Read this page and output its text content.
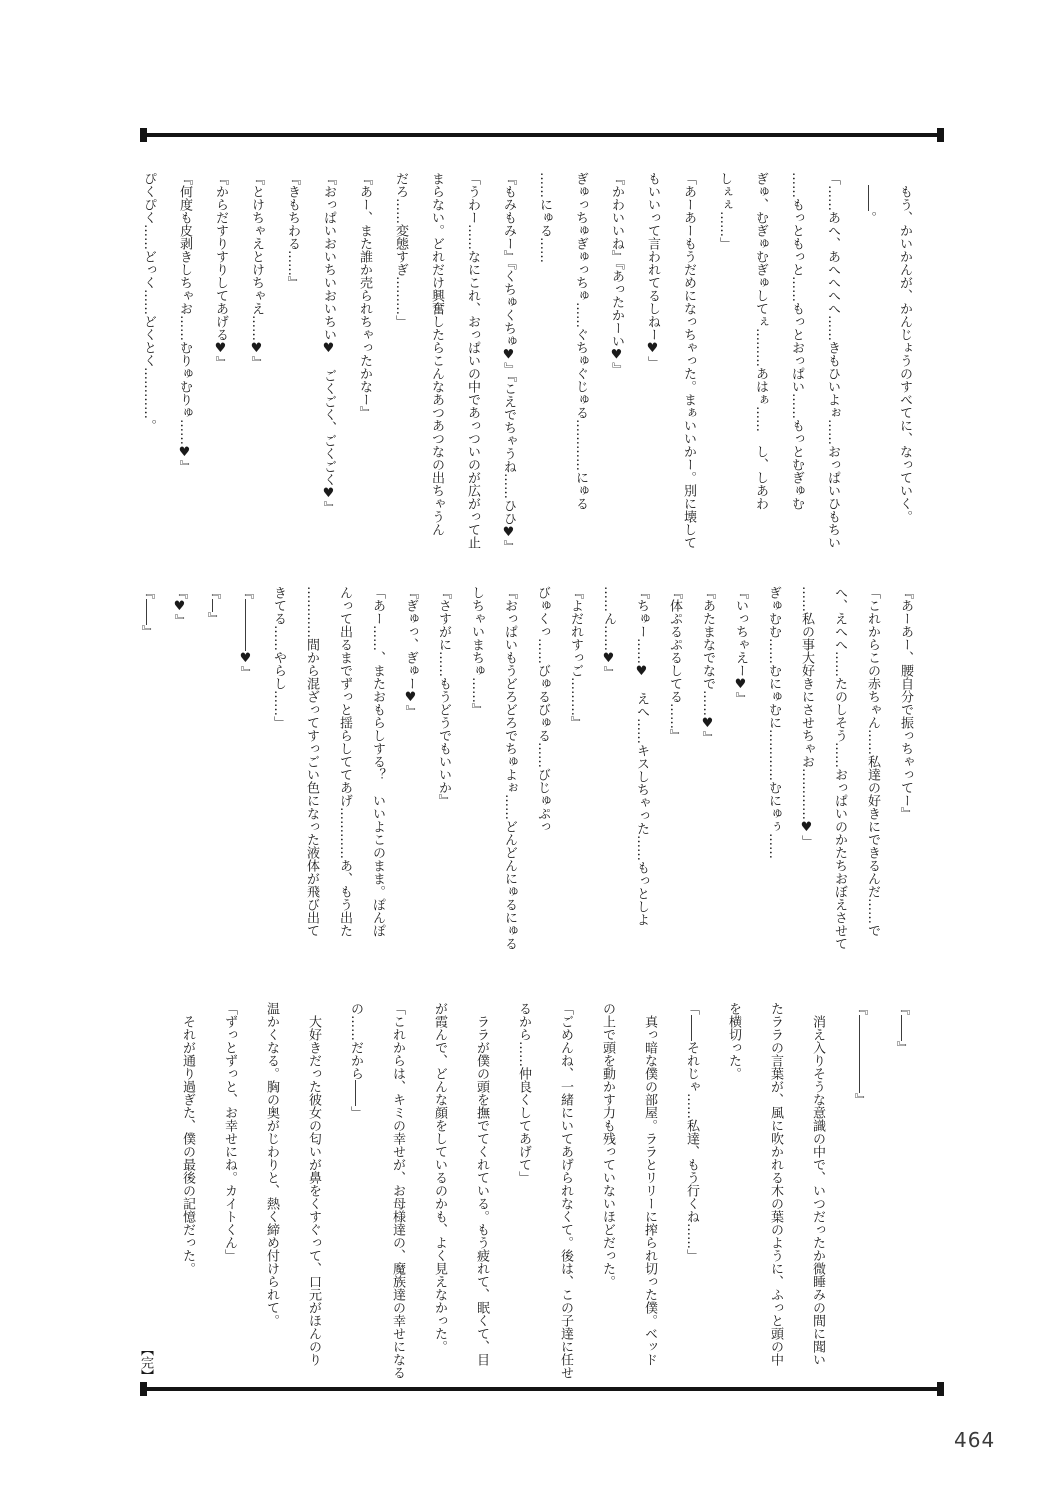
　もう、かいかんが、かんじょうのすべてに、なっていく。

　――。

「……あへ、あへへへへ……きもひいよぉ……おっぱいひもちい

……もっともっと……もっとおっぱい……もっとむぎゅむ

ぎゅ、むぎゅむぎゅしてぇ………あはぁ……　し、しあわ

しぇぇ……」

「あーあーもうだめになっちゃった。まぁいいかー。別に壊して

もいいって言われてるしねー♥」

『かわいいね』『あったかーい♥』

ぎゅっちゅぎゅっちゅ……ぐちゅぐじゅる…………にゅる

……にゅる……

『もみもみー』『くちゅくちゅ♥』『こえでちゃうね……ひひ♥』

「うわー……なにこれ、おっぱいの中であっついのが広がって止

まらない。どれだけ興奮したらこんなあつあつなの出ちゃうん

だろ……変態すぎ………」

『あー、また誰か売られちゃったかなー』

『おっぱいおいちいおいちい♥　ごくごく、ごくごく♥』

『きもちわる……』

『とけちゃえとけちゃえ……♥』

『からだすりすりしてあげる♥』

『何度も皮剥きしちゃお……むりゅむりゅ……♥』

ぴくぴく……どっく……どくとく…………。

『あーあー、腰自分で振っちゃってー』

「これからこの赤ちゃん……私達の好きにできるんだ……で

へ、えへへ……たのしそう……おっぱいのかたちおぼえさせて

……私の事大好きにさせちゃお…………♥」

ぎゅむむ……むにゅむに…………むにゅぅ……

『いっちゃえー♥』

『あたまなでなで……♥』

『体ぷるぷるしてる……』

『ちゅー……♥　えへ……キスしちゃった……もっとしよ

……ん……♥』

『よだれすっご………』

びゅくっ……びゅるびゅる……びじゅぷっ

『おっぱいもうどろどろでちゅよぉ……どんどんにゅるにゅる

しちゃいまちゅ……』

『さすがに……もうどうでもいいか』

『ぎゅっ、ぎゅー♥』

「あー……、またおもらしする？　いいよこのまま。ぽんぽ

んって出るまでずっと揺らしててあげ…………あ、もう出た

…………間から混ざってすっごい色になった液体が飛び出て

きてる……やらし……」

『――――♥』

『―』

『♥』

『――』

『――』

『――――――』

　消え入りそうな意識の中で、いつだったか微睡みの間に聞い

たララの言葉が、風に吹かれる木の葉のように、ふっと頭の中

を横切った。

「――それじゃ……私達、もう行くね……」

　真っ暗な僕の部屋。ララとリリーに搾られ切った僕。ベッド

の上で頭を動かす力も残っていないほどだった。

「ごめんね、一緒にいてあげられなくて。後は、この子達に任せ

るから……仲良くしてあげて」

　ララが僕の頭を撫でてくれている。もう疲れて、眠くて、目

が霞んで、どんな顔をしているのかも、よく見えなかった。

「これからは、キミの幸せが、お母様達の、魔族達の幸せになる

の……だから――」

　大好きだった彼女の匂いが鼻をくすぐって、口元がほんのり

温かくなる。胸の奥がじわりと、熱く締め付けられて。

「ずっとずっと、お幸せにね。カイトくん」

　それが通り過ぎた、僕の最後の記憶だった。

【完】

464
